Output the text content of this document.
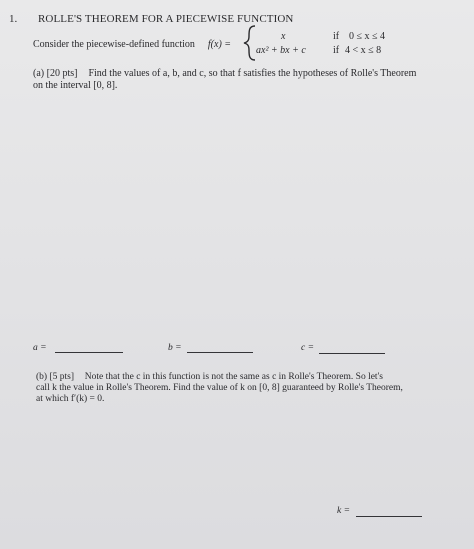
1. ROLLE'S THEOREM FOR A PIECEWISE FUNCTION
Consider the piecewise-defined function f(x) =
x
ax² + bx + c
if
if
0 ≤ x ≤ 4
4 < x ≤ 8
(a) [20 pts] Find the values of a, b, and c, so that f satisfies the hypotheses of Rolle's Theorem
on the interval [0, 8].
a =	b =	c =
(b) [5 pts] Note that the c in this function is not the same as c in Rolle's Theorem. So let's
call k the value in Rolle's Theorem. Find the value of k on [0, 8] guaranteed by Rolle's Theorem,
at which f′(k) = 0.
k =
